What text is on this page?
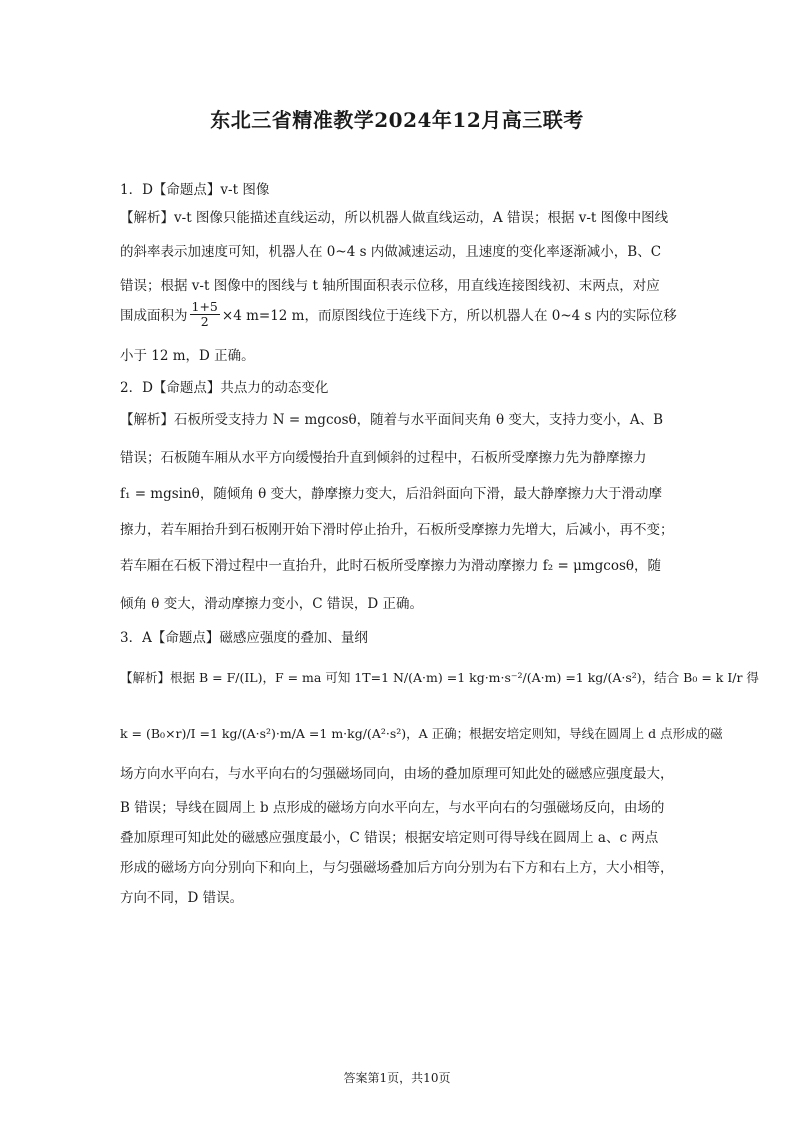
东北三省精准教学2024年12月高三联考
1．D【命题点】v-t 图像
【解析】v-t 图像只能描述直线运动，所以机器人做直线运动，A 错误；根据 v-t 图像中图线
的斜率表示加速度可知，机器人在 0~4 s 内做减速运动，且速度的变化率逐渐减小，B、C
错误；根据 v-t 图像中的图线与 t 轴所围面积表示位移，用直线连接图线初、末两点，对应
围成面积为 $\frac{1+5}{2} \times 4$ m=12 m，而原图线位于连线下方，所以机器人在 0~4 s 内的实际位移
小于 12 m，D 正确。
2．D【命题点】共点力的动态变化
【解析】石板所受支持力 N = mgcosθ，随着与水平面间夹角 θ 变大，支持力变小，A、B
错误；石板随车厢从水平方向缓慢抬升直到倾斜的过程中，石板所受摩擦力先为静摩擦力
f₁ = mgsinθ，随倾角 θ 变大，静摩擦力变大，后沿斜面向下滑，最大静摩擦力大于滑动摩
擦力，若车厢抬升到石板刚开始下滑时停止抬升，石板所受摩擦力先增大，后减小，再不变；
若车厢在石板下滑过程中一直抬升，此时石板所受摩擦力为滑动摩擦力 f₂ = μmgcosθ，随
倾角 θ 变大，滑动摩擦力变小，C 错误，D 正确。
3．A【命题点】磁感应强度的叠加、量纲
【解析】根据 B = F/(IL)，F = ma 可知 1T=1 N/(A·m) =1 kg·m·s⁻²/(A·m) =1 kg/(A·s²)，结合 B₀ = k I/r 得
k = (B₀×r)/I =1 kg/(A·s²)·m/A =1 m·kg/(A²·s²)，A 正确；根据安培定则知，导线在圆周上 d 点形成的磁
场方向水平向右，与水平向右的匀强磁场同向，由场的叠加原理可知此处的磁感应强度最大，
B 错误；导线在圆周上 b 点形成的磁场方向水平向左，与水平向右的匀强磁场反向，由场的
叠加原理可知此处的磁感应强度最小，C 错误；根据安培定则可得导线在圆周上 a、c 两点
形成的磁场方向分别向下和向上，与匀强磁场叠加后方向分别为右下方和右上方，大小相等，
方向不同，D 错误。
答案第1页，共10页
